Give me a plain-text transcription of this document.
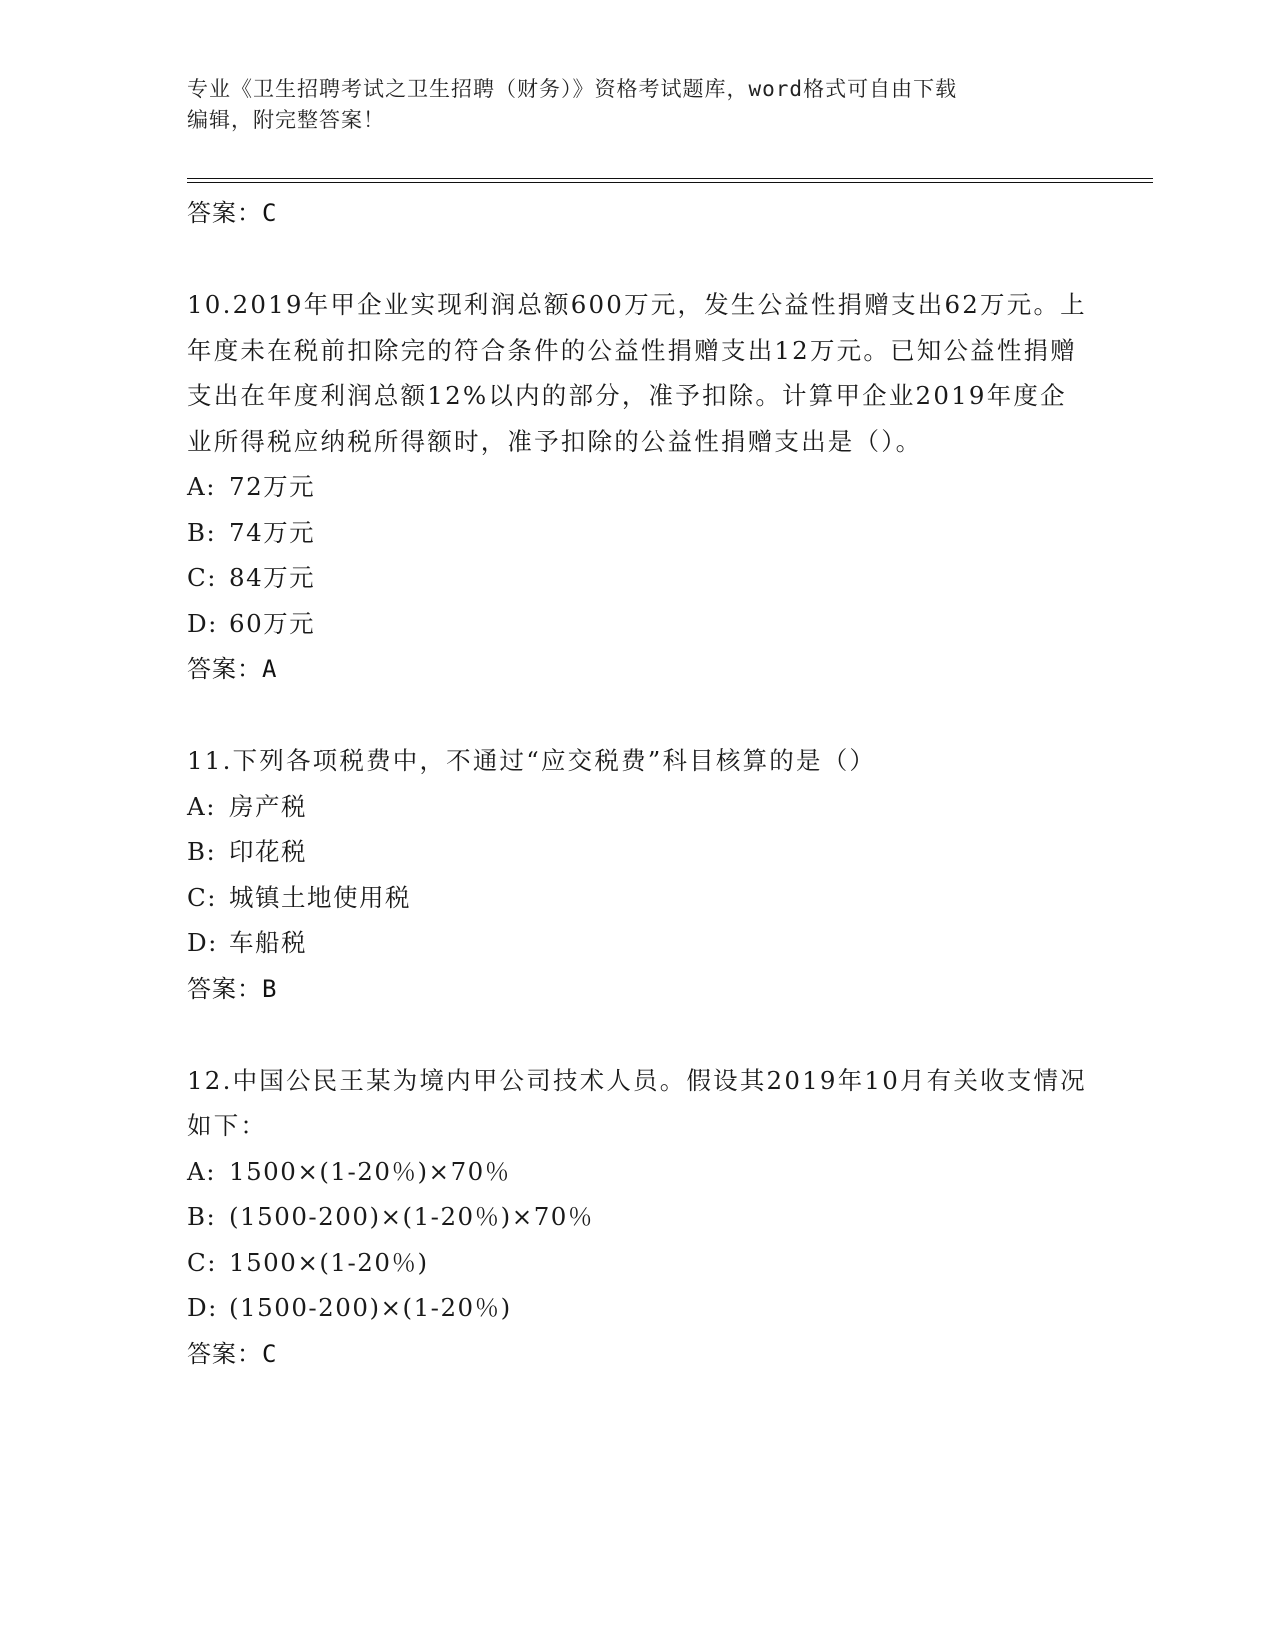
专业《卫生招聘考试之卫生招聘（财务）》资格考试题库，word格式可自由下载
编辑，附完整答案！
答案：C
10.2019年甲企业实现利润总额600万元，发生公益性捐赠支出62万元。上年度未在税前扣除完的符合条件的公益性捐赠支出12万元。已知公益性捐赠支出在年度利润总额12%以内的部分，准予扣除。计算甲企业2019年度企业所得税应纳税所得额时，准予扣除的公益性捐赠支出是（）。
A: 72万元
B: 74万元
C: 84万元
D: 60万元
答案：A
11.下列各项税费中，不通过“应交税费”科目核算的是（）
A: 房产税
B: 印花税
C: 城镇土地使用税
D: 车船税
答案：B
12.中国公民王某为境内甲公司技术人员。假设其2019年10月有关收支情况如下：
A: 1500×(1-20％)×70％
B: (1500-200)×(1-20％)×70％
C: 1500×(1-20％)
D: (1500-200)×(1-20％)
答案：C
